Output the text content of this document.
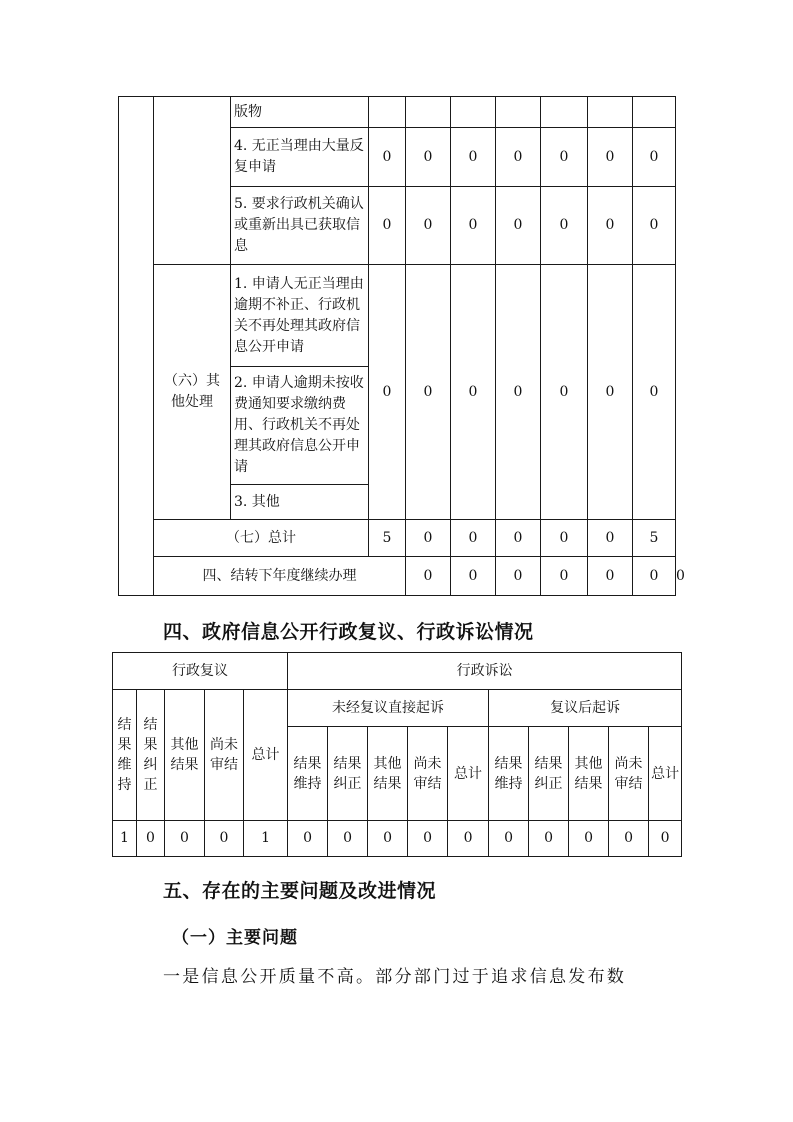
		版物								
		4. 无正当理由大量反复申请	0	0	0	0	0	0	0	
		5. 要求行政机关确认或重新出具已获取信息	0	0	0	0	0	0	0	
	（六）其他处理	1. 申请人无正当理由逾期不补正、行政机关不再处理其政府信息公开申请	0	0	0	0	0	0	0	
		2. 申请人逾期未按收费通知要求缴纳费用、行政机关不再处理其政府信息公开申请								
		3. 其他								
	（七）总计		5	0	0	0	0	0	5	
	四、结转下年度继续办理			0	0	0	0	0	0	0
四、政府信息公开行政复议、行政诉讼情况
行政复议					行政诉讼									
结果维持	结果纠正	其他结果	尚未审结	总计	未经复议直接起诉					复议后起诉				
					结果维持	结果纠正	其他结果	尚未审结	总计	结果维持	结果纠正	其他结果	尚未审结	总计
1	0	0	0	1	0	0	0	0	0	0	0	0	0	0
五、存在的主要问题及改进情况
（一）主要问题
一是信息公开质量不高。部分部门过于追求信息发布数
